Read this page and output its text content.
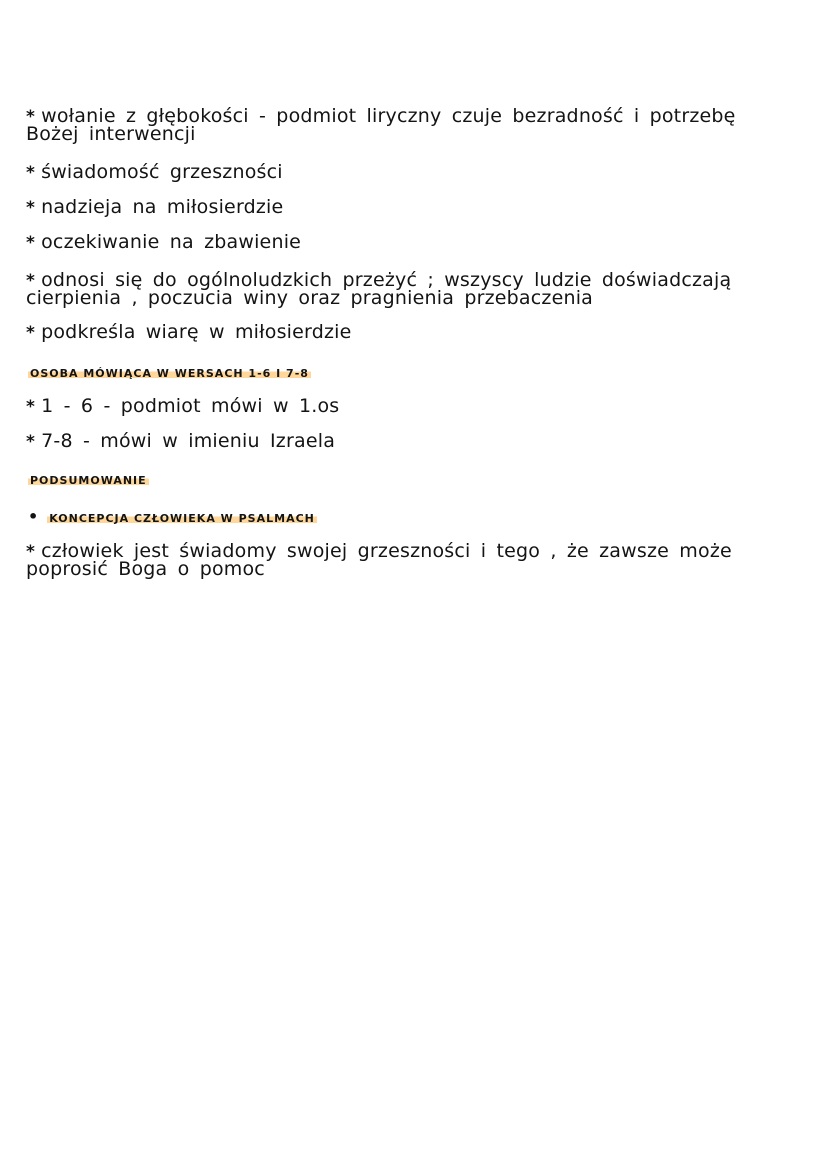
* wołanie z głębokości - podmiot liryczny czuje bezradność i potrzebę Bożej interwencji
* świadomość grzeszności
* nadzieja na miłosierdzie
* oczekiwanie na zbawienie
* odnosi się do ogólnoludzkich przeżyć ; wszyscy ludzie doświadczają cierpienia , poczucia winy oraz pragnienia przebaczenia
* podkreśla wiarę w miłosierdzie
OSOBA MÓWIĄCA W WERSACH 1-6 I 7-8
* 1 - 6 - podmiot mówi w 1.os
* 7-8 - mówi w imieniu Izraela
PODSUMOWANIE
• KONCEPCJA CZŁOWIEKA W PSALMACH
* człowiek jest świadomy swojej grzeszności i tego , że zawsze może poprosić Boga o pomoc
